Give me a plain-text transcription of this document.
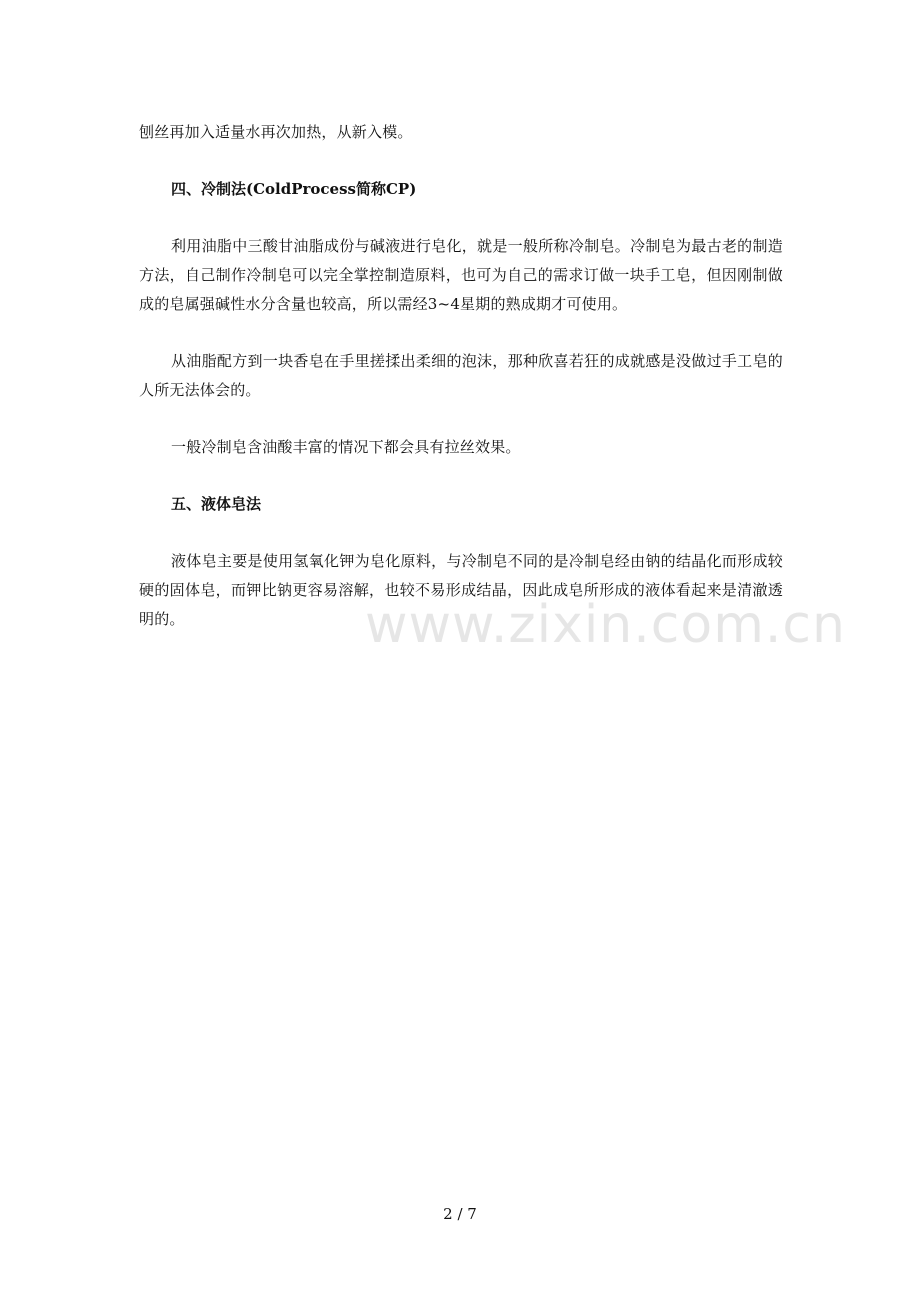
刨丝再加入适量水再次加热，从新入模。

四、冷制法(ColdProcess简称CP)

利用油脂中三酸甘油脂成份与碱液进行皂化，就是一般所称冷制皂。冷制皂为最古老的制造方法，自己制作冷制皂可以完全掌控制造原料，也可为自己的需求订做一块手工皂，但因刚制做成的皂属强碱性水分含量也较高，所以需经3~4星期的熟成期才可使用。

从油脂配方到一块香皂在手里搓揉出柔细的泡沫，那种欣喜若狂的成就感是没做过手工皂的人所无法体会的。

一般冷制皂含油酸丰富的情况下都会具有拉丝效果。

五、液体皂法

液体皂主要是使用氢氧化钾为皂化原料，与冷制皂不同的是冷制皂经由钠的结晶化而形成较硬的固体皂，而钾比钠更容易溶解，也较不易形成结晶，因此成皂所形成的液体看起来是清澈透明的。	www.zixin.com.cn
2 / 7
